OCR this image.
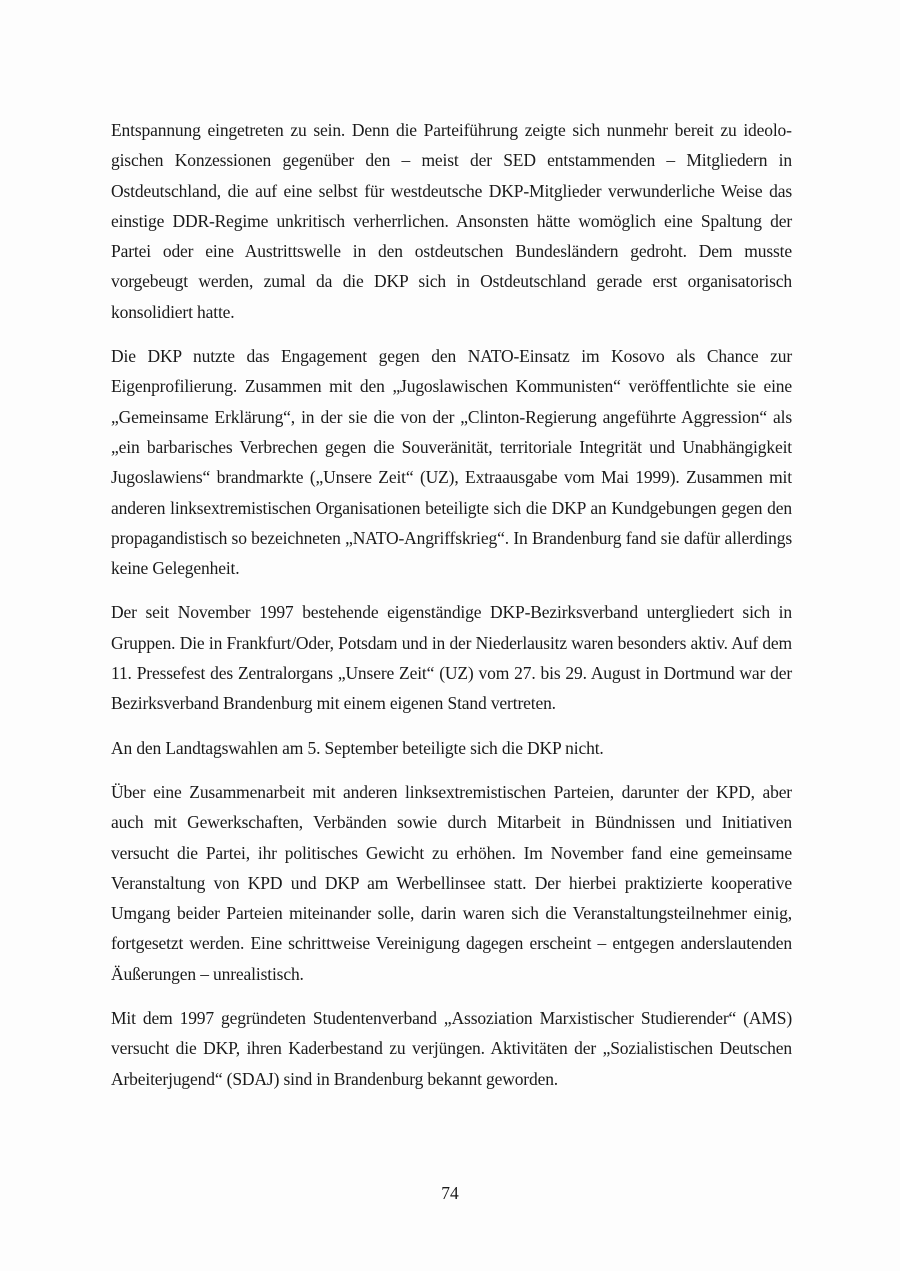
Entspannung eingetreten zu sein. Denn die Parteiführung zeigte sich nunmehr bereit zu ideologischen Konzessionen gegenüber den – meist der SED entstammenden – Mitgliedern in Ostdeutschland, die auf eine selbst für westdeutsche DKP-Mitglieder verwunderliche Weise das einstige DDR-Regime unkritisch verherrlichen. Ansonsten hätte womöglich eine Spaltung der Partei oder eine Austrittswelle in den ostdeutschen Bundesländern gedroht. Dem musste vorgebeugt werden, zumal da die DKP sich in Ostdeutschland gerade erst organisatorisch konsolidiert hatte.

Die DKP nutzte das Engagement gegen den NATO-Einsatz im Kosovo als Chance zur Eigenprofilierung. Zusammen mit den „Jugoslawischen Kommunisten“ veröffentlichte sie eine „Gemeinsame Erklärung“, in der sie die von der „Clinton-Regierung angeführte Aggression“ als „ein barbarisches Verbrechen gegen die Souveränität, territoriale Integrität und Unabhängigkeit Jugoslawiens“ brandmarkte („Unsere Zeit“ (UZ), Extraausgabe vom Mai 1999). Zusammen mit anderen linksextremistischen Organisationen beteiligte sich die DKP an Kundgebungen gegen den propagandistisch so bezeichneten „NATO-Angriffskrieg“. In Brandenburg fand sie dafür allerdings keine Gelegenheit.

Der seit November 1997 bestehende eigenständige DKP-Bezirksverband untergliedert sich in Gruppen. Die in Frankfurt/Oder, Potsdam und in der Niederlausitz waren besonders aktiv. Auf dem 11. Pressefest des Zentralorgans „Unsere Zeit“ (UZ) vom 27. bis 29. August in Dortmund war der Bezirksverband Brandenburg mit einem eigenen Stand vertreten.

An den Landtagswahlen am 5. September beteiligte sich die DKP nicht.

Über eine Zusammenarbeit mit anderen linksextremistischen Parteien, darunter der KPD, aber auch mit Gewerkschaften, Verbänden sowie durch Mitarbeit in Bündnissen und Initiativen versucht die Partei, ihr politisches Gewicht zu erhöhen. Im November fand eine gemeinsame Veranstaltung von KPD und DKP am Werbellinsee statt. Der hierbei praktizierte kooperative Umgang beider Parteien miteinander solle, darin waren sich die Veranstaltungsteilnehmer einig, fortgesetzt werden. Eine schrittweise Vereinigung dagegen erscheint – entgegen anderslautenden Äußerungen – unrealistisch.

Mit dem 1997 gegründeten Studentenverband „Assoziation Marxistischer Studierender“ (AMS) versucht die DKP, ihren Kaderbestand zu verjüngen. Aktivitäten der „Sozialistischen Deutschen Arbeiterjugend“ (SDAJ) sind in Brandenburg bekannt geworden.

74
